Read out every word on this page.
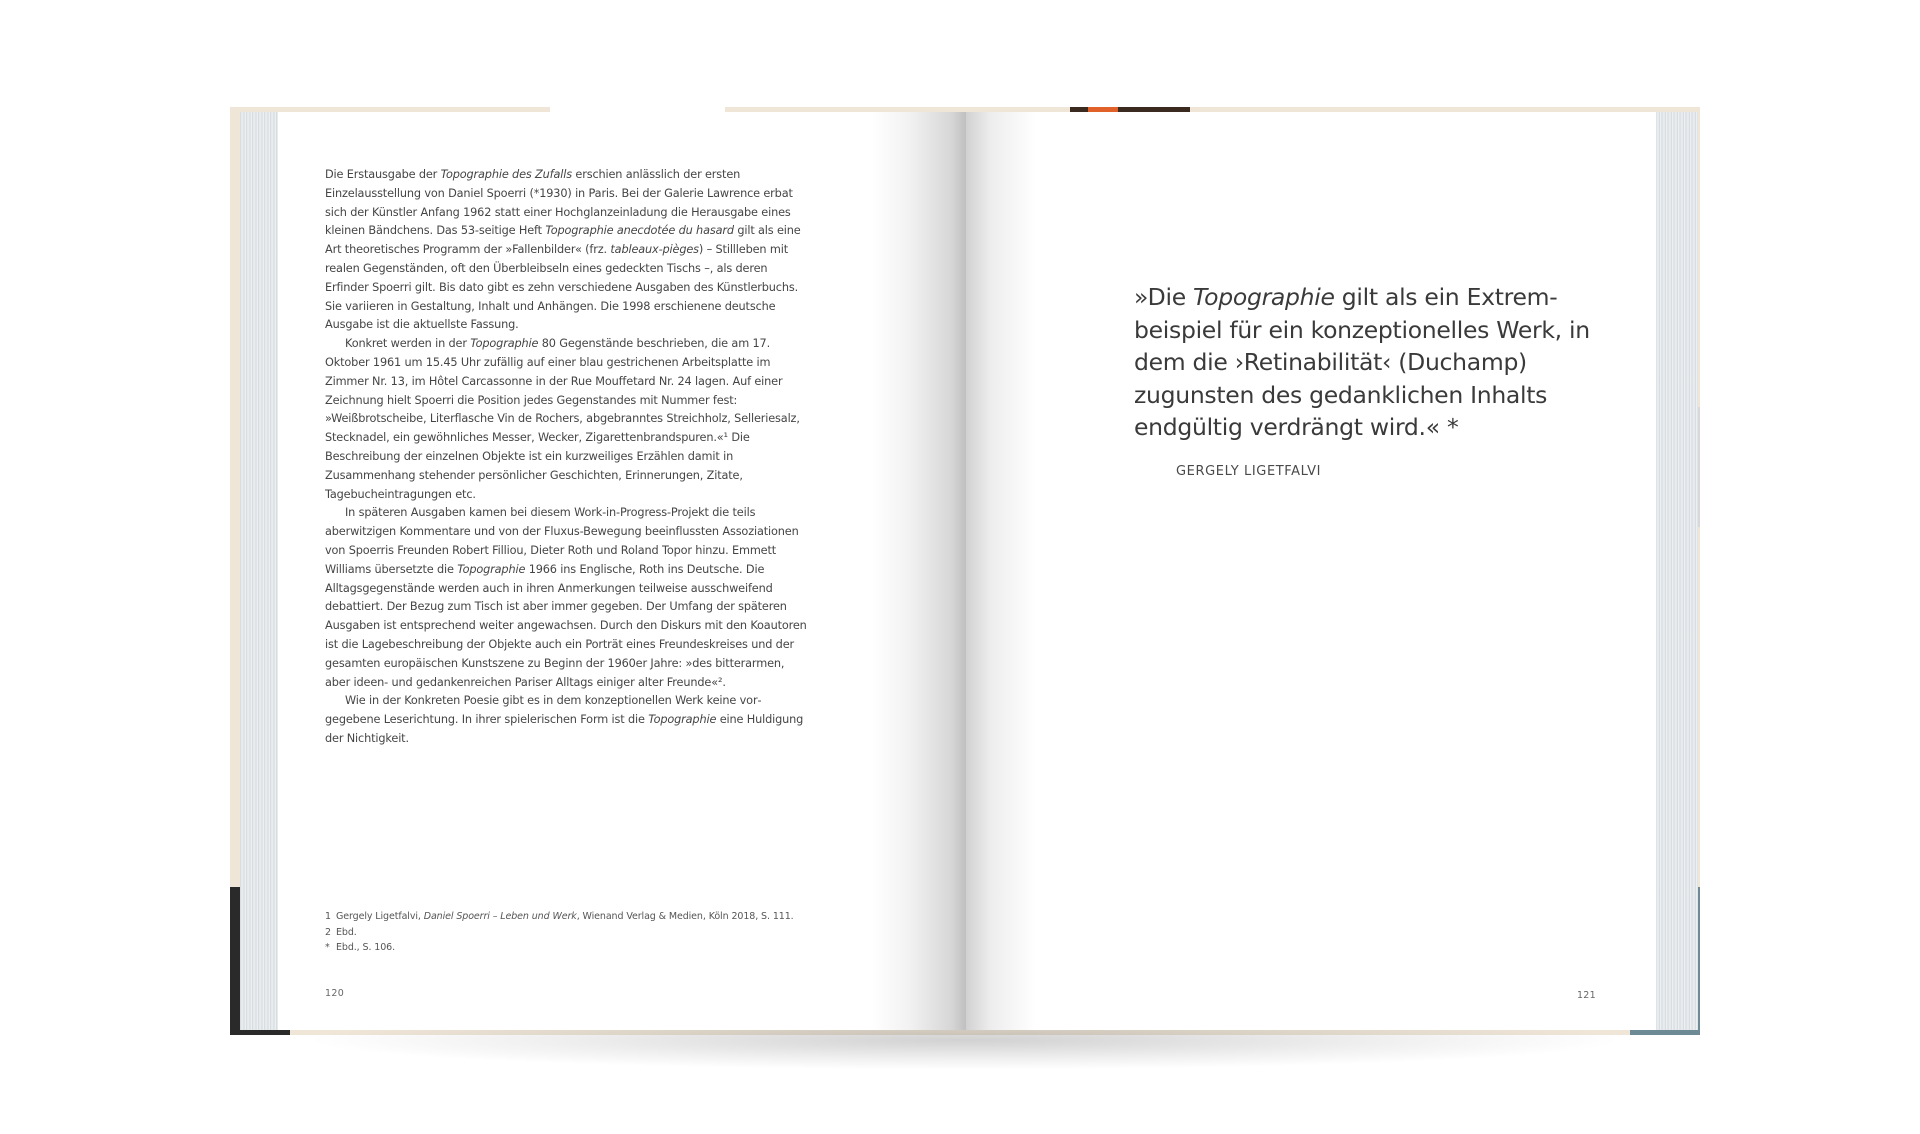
Die Erstausgabe der Topographie des Zufalls erschien anlässlich der ersten Einzelausstellung von Daniel Spoerri (*1930) in Paris. Bei der Galerie Lawrence erbat sich der Künstler Anfang 1962 statt einer Hochglanzeinladung die Herausgabe eines kleinen Bändchens. Das 53-seitige Heft Topographie anecdotée du hasard gilt als eine Art theoretisches Programm der »Fallenbilder« (frz. tableaux-pièges) – Stillleben mit realen Gegenständen, oft den Überbleibseln eines gedeckten Tischs –, als deren Erfinder Spoerri gilt. Bis dato gibt es zehn verschiedene Ausgaben des Künstlerbuchs. Sie variieren in Gestaltung, Inhalt und Anhängen. Die 1998 erschienene deutsche Ausgabe ist die aktuellste Fassung.

Konkret werden in der Topographie 80 Gegenstände beschrieben, die am 17. Oktober 1961 um 15.45 Uhr zufällig auf einer blau gestrichenen Arbeitsplatte im Zimmer Nr. 13, im Hôtel Carcassonne in der Rue Mouffetard Nr. 24 lagen. Auf einer Zeichnung hielt Spoerri die Position jedes Gegenstandes mit Nummer fest: »Weißbrotscheibe, Literflasche Vin de Rochers, abgebranntes Streichholz, Selleriesalz, Stecknadel, ein gewöhnliches Messer, Wecker, Zigarettenbrandspuren.«¹ Die Beschreibung der einzelnen Objekte ist ein kurzweiliges Erzählen damit in Zusammenhang stehender persönlicher Geschichten, Erinnerungen, Zitate, Tagebucheintragungen etc.

In späteren Ausgaben kamen bei diesem Work-in-Progress-Projekt die teils aberwitzigen Kommentare und von der Fluxus-Bewegung beeinflussten Assoziationen von Spoerris Freunden Robert Filliou, Dieter Roth und Roland Topor hinzu. Emmett Williams übersetzte die Topographie 1966 ins Englische, Roth ins Deutsche. Die Alltagsgegenstände werden auch in ihren Anmerkungen teilweise ausschweifend debattiert. Der Bezug zum Tisch ist aber immer gegeben. Der Umfang der späteren Ausgaben ist entsprechend weiter angewachsen. Durch den Diskurs mit den Koautoren ist die Lagebeschreibung der Objekte auch ein Porträt eines Freundeskreises und der gesamten europäischen Kunstszene zu Beginn der 1960er Jahre: »des bitterarmen, aber ideen- und gedankenreichen Pariser Alltags einiger alter Freunde«².

Wie in der Konkreten Poesie gibt es in dem konzeptionellen Werk keine vorgegebene Leserichtung. In ihrer spielerischen Form ist die Topographie eine Huldigung der Nichtigkeit.

1 Gergely Ligetfalvi, Daniel Spoerri – Leben und Werk, Wienand Verlag & Medien, Köln 2018, S. 111.
2 Ebd.
* Ebd., S. 106.
120
»Die Topographie gilt als ein Extrembeispiel für ein konzeptionelles Werk, in dem die ›Retinabilität‹ (Duchamp) zugunsten des gedanklichen Inhalts endgültig verdrängt wird.« *
GERGELY LIGETFALVI
121
